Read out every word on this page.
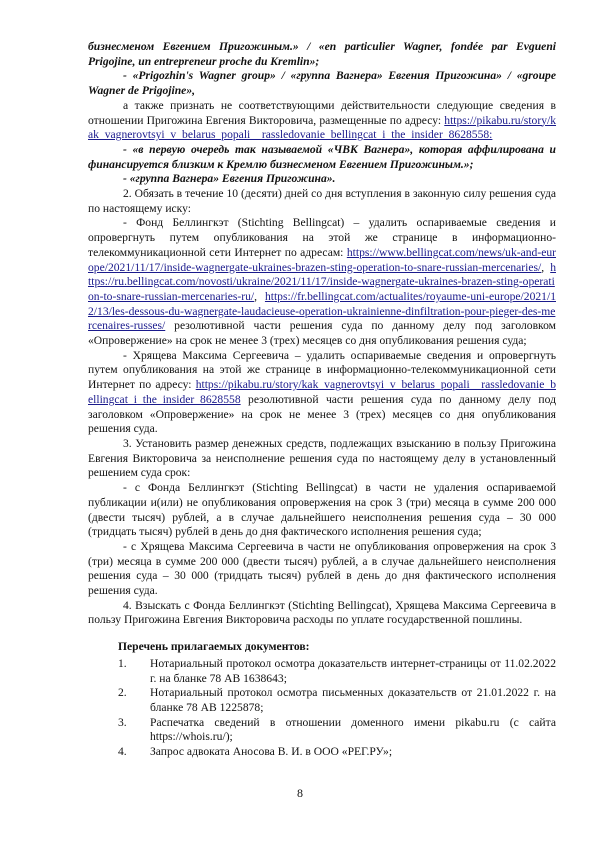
бизнесменом Евгением Пригожиным.» / «en particulier Wagner, fondée par Evgueni Prigojine, un entrepreneur proche du Kremlin»;

- «Prigozhin's Wagner group» / «группа Вагнера» Евгения Пригожина» / «groupe Wagner de Prigojine»,

а также признать не соответствующими действительности следующие сведения в отношении Пригожина Евгения Викторовича, размещенные по адресу: https://pikabu.ru/story/kak_vagnerovtsyi_v_belarus_popali__rassledovanie_bellingcat_i_the_insider_8628558:

- «в первую очередь так называемой «ЧВК Вагнера», которая аффилирована и финансируется близким к Кремлю бизнесменом Евгением Пригожиным.»;

- «группа Вагнера» Евгения Пригожина».

2. Обязать в течение 10 (десяти) дней со дня вступления в законную силу решения суда по настоящему иску:

- Фонд Беллингкэт (Stichting Bellingcat) – удалить оспариваемые сведения и опровергнуть путем опубликования на этой же странице в информационно-телекоммуникационной сети Интернет по адресам: https://www.bellingcat.com/news/uk-and-europe/2021/11/17/inside-wagnergate-ukraines-brazen-sting-operation-to-snare-russian-mercenaries/, https://ru.bellingcat.com/novosti/ukraine/2021/11/17/inside-wagnergate-ukraines-brazen-sting-operation-to-snare-russian-mercenaries-ru/, https://fr.bellingcat.com/actualites/royaume-uni-europe/2021/12/13/les-dessous-du-wagnergate-laudacieuse-operation-ukrainienne-dinfiltration-pour-pieger-des-mercenaires-russes/ резолютивной части решения суда по данному делу под заголовком «Опровержение» на срок не менее 3 (трех) месяцев со дня опубликования решения суда;

- Хрящева Максима Сергеевича – удалить оспариваемые сведения и опровергнуть путем опубликования на этой же странице в информационно-телекоммуникационной сети Интернет по адресу: https://pikabu.ru/story/kak_vagnerovtsyi_v_belarus_popali__rassledovanie_bellingcat_i_the_insider_8628558 резолютивной части решения суда по данному делу под заголовком «Опровержение» на срок не менее 3 (трех) месяцев со дня опубликования решения суда.

3. Установить размер денежных средств, подлежащих взысканию в пользу Пригожина Евгения Викторовича за неисполнение решения суда по настоящему делу в установленный решением суда срок:

- с Фонда Беллингкэт (Stichting Bellingcat) в части не удаления оспариваемой публикации и(или) не опубликования опровержения на срок 3 (три) месяца в сумме 200 000 (двести тысяч) рублей, а в случае дальнейшего неисполнения решения суда – 30 000 (тридцать тысяч) рублей в день до дня фактического исполнения решения суда;

- с Хрящева Максима Сергеевича в части не опубликования опровержения на срок 3 (три) месяца в сумме 200 000 (двести тысяч) рублей, а в случае дальнейшего неисполнения решения суда – 30 000 (тридцать тысяч) рублей в день до дня фактического исполнения решения суда.

4. Взыскать с Фонда Беллингкэт (Stichting Bellingcat), Хрящева Максима Сергеевича в пользу Пригожина Евгения Викторовича расходы по уплате государственной пошлины.

Перечень прилагаемых документов:
1.	Нотариальный протокол осмотра доказательств интернет-страницы от 11.02.2022 г. на бланке 78 АВ 1638643;
2.	Нотариальный протокол осмотра письменных доказательств от 21.01.2022 г. на бланке 78 АВ 1225878;
3.	Распечатка сведений в отношении доменного имени pikabu.ru (с сайта https://whois.ru/);
4.	Запрос адвоката Аносова В. И. в ООО «РЕГ.РУ»;
8
